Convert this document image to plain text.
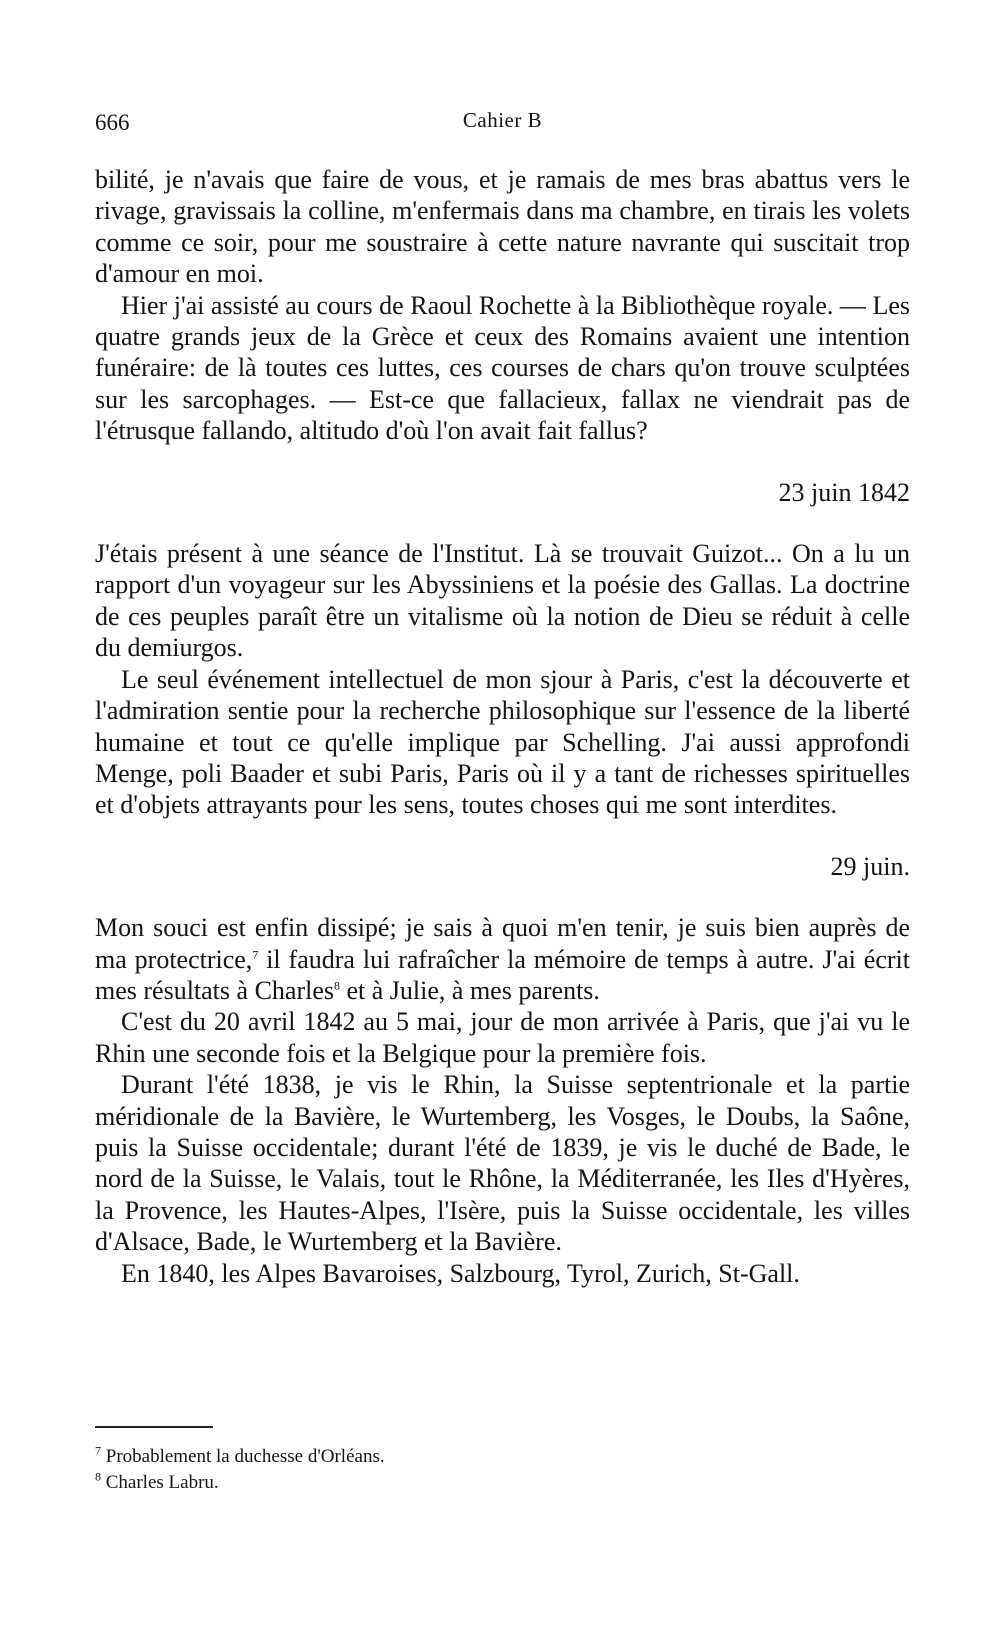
666	Cahier B

bilité, je n'avais que faire de vous, et je ramais de mes bras abattus vers le rivage, gravissais la colline, m'enfermais dans ma chambre, en tirais les volets comme ce soir, pour me soustraire à cette nature navrante qui suscitait trop d'amour en moi.

Hier j'ai assisté au cours de Raoul Rochette à la Bibliothèque royale. — Les quatre grands jeux de la Grèce et ceux des Romains avaient une intention funéraire: de là toutes ces luttes, ces courses de chars qu'on trouve sculptées sur les sarcophages. — Est-ce que fallacieux, fallax ne viendrait pas de l'étrusque fallando, altitudo d'où l'on avait fait fallus?

23 juin 1842

J'étais présent à une séance de l'Institut. Là se trouvait Guizot... On a lu un rapport d'un voyageur sur les Abyssiniens et la poésie des Gallas. La doctrine de ces peuples paraît être un vitalisme où la notion de Dieu se réduit à celle du demiurgos.

Le seul événement intellectuel de mon sjour à Paris, c'est la découverte et l'admiration sentie pour la recherche philosophique sur l'essence de la liberté humaine et tout ce qu'elle implique par Schelling. J'ai aussi approfondi Menge, poli Baader et subi Paris, Paris où il y a tant de richesses spirituelles et d'objets attrayants pour les sens, toutes choses qui me sont interdites.

29 juin.

Mon souci est enfin dissipé; je sais à quoi m'en tenir, je suis bien auprès de ma protectrice,$^7$ il faudra lui rafraîcher la mémoire de temps à autre. J'ai écrit mes résultats à Charles$^8$ et à Julie, à mes parents.

C'est du 20 avril 1842 au 5 mai, jour de mon arrivée à Paris, que j'ai vu le Rhin une seconde fois et la Belgique pour la première fois.

Durant l'été 1838, je vis le Rhin, la Suisse septentrionale et la partie méridionale de la Bavière, le Wurtemberg, les Vosges, le Doubs, la Saône, puis la Suisse occidentale; durant l'été de 1839, je vis le duché de Bade, le nord de la Suisse, le Valais, tout le Rhône, la Méditerranée, les Iles d'Hyères, la Provence, les Hautes-Alpes, l'Isère, puis la Suisse occidentale, les villes d'Alsace, Bade, le Wurtemberg et la Bavière.

En 1840, les Alpes Bavaroises, Salzbourg, Tyrol, Zurich, St-Gall.

$^7$ Probablement la duchesse d'Orléans.

$^8$ Charles Labru.
